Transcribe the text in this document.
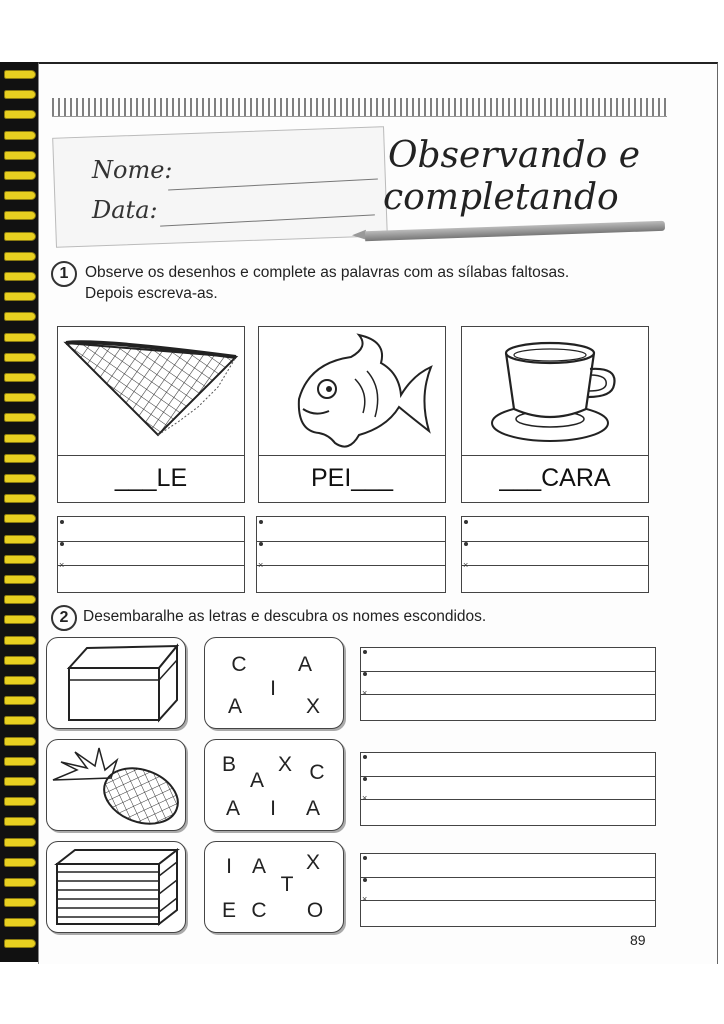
Nome:
Data:
Observando e
completando
1	Observe os desenhos e complete as palavras com as sílabas faltosas.
Depois escreva-as.
___LE	PEI___	___CARA
×	×	×
2 Desembaralhe as letras e descubra os nomes escondidos.
C A
I
A	X
×
B X C
A
A	I	A	×
I A X
T
E C O	×
89
